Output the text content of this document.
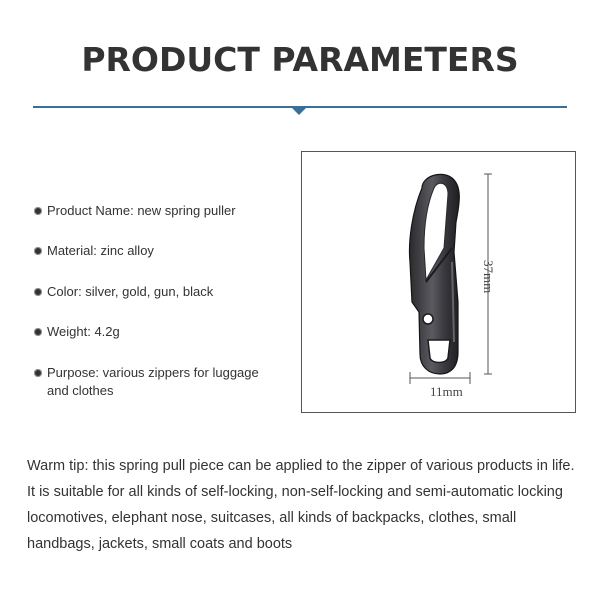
PRODUCT PARAMETERS
Product Name: new spring puller
Material: zinc alloy
Color: silver, gold, gun, black
Weight: 4.2g
Purpose: various zippers for luggage and clothes
37mm
11mm
Warm tip: this spring pull piece can be applied to the zipper of various products in life. It is suitable for all kinds of self-locking, non-self-locking and semi-automatic locking locomotives, elephant nose, suitcases, all kinds of backpacks, clothes, small handbags, jackets, small coats and boots
